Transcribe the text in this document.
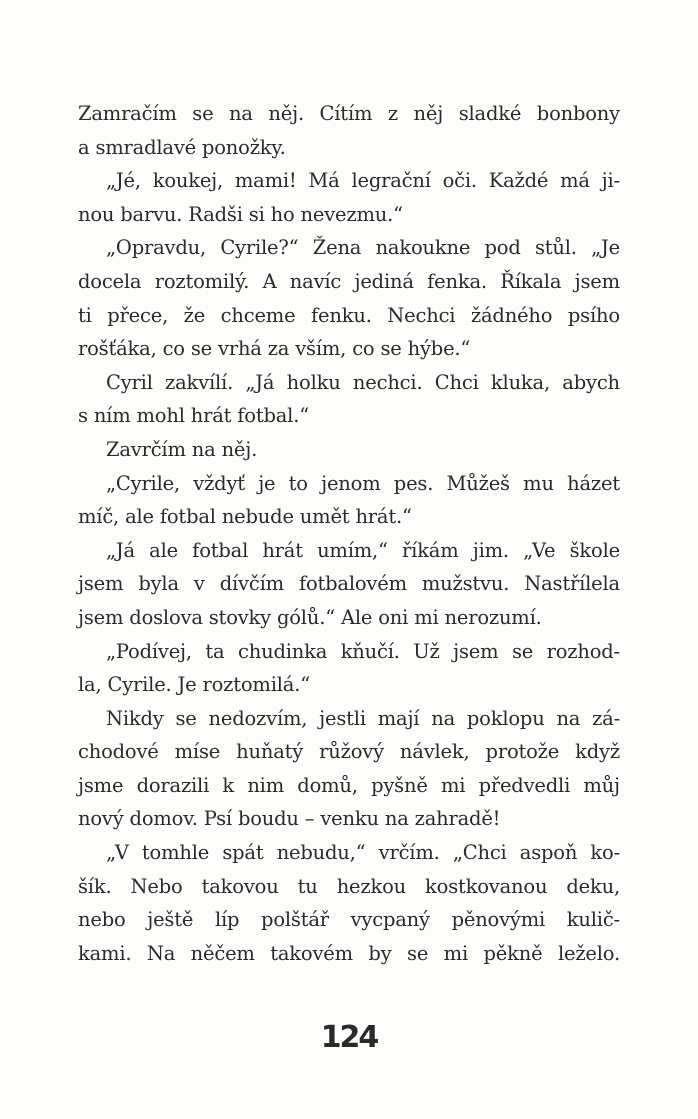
Zamračím se na něj. Cítím z něj sladké bonbony
a smradlavé ponožky.
„Jé, koukej, mami! Má legrační oči. Každé má ji-
nou barvu. Radši si ho nevezmu.“
„Opravdu, Cyrile?“ Žena nakoukne pod stůl. „Je
docela roztomilý. A navíc jediná fenka. Říkala jsem
ti přece, že chceme fenku. Nechci žádného psího
rošťáka, co se vrhá za vším, co se hýbe.“
Cyril zakvílí. „Já holku nechci. Chci kluka, abych
s ním mohl hrát fotbal.“
Zavrčím na něj.
„Cyrile, vždyť je to jenom pes. Můžeš mu házet
míč, ale fotbal nebude umět hrát.“
„Já ale fotbal hrát umím,“ říkám jim. „Ve škole
jsem byla v dívčím fotbalovém mužstvu. Nastřílela
jsem doslova stovky gólů.“ Ale oni mi nerozumí.
„Podívej, ta chudinka kňučí. Už jsem se rozhod-
la, Cyrile. Je roztomilá.“
Nikdy se nedozvím, jestli mají na poklopu na zá-
chodové míse huňatý růžový návlek, protože když
jsme dorazili k nim domů, pyšně mi předvedli můj
nový domov. Psí boudu – venku na zahradě!
„V tomhle spát nebudu,“ vrčím. „Chci aspoň ko-
šík. Nebo takovou tu hezkou kostkovanou deku,
nebo ještě líp polštář vycpaný pěnovými kulič-
kami. Na něčem takovém by se mi pěkně leželo.
124
